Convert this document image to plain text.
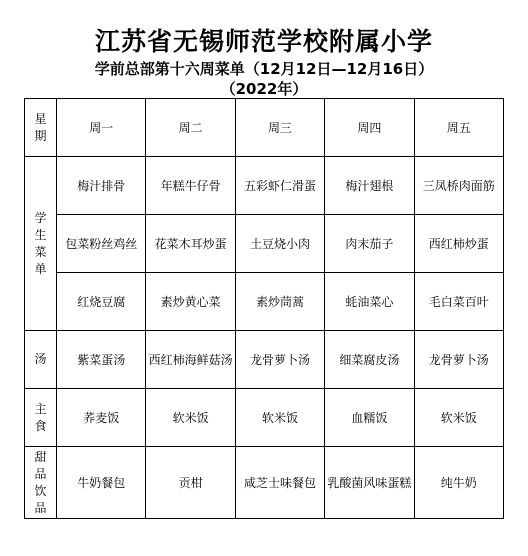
江苏省无锡师范学校附属小学
学前总部第十六周菜单（12月12日—12月16日）
（2022年）
星期	周一	周二	周三	周四	周五
学生菜单	梅汁排骨	年糕牛仔骨	五彩虾仁滑蛋	梅汁翅根	三凤桥肉面筋
	包菜粉丝鸡丝	花菜木耳炒蛋	土豆烧小肉	肉末茄子	西红柿炒蛋
	红烧豆腐	素炒黄心菜	素炒茼蒿	蚝油菜心	毛白菜百叶
汤	紫菜蛋汤	西红柿海鲜菇汤	龙骨萝卜汤	细菜腐皮汤	龙骨萝卜汤
主食	荞麦饭	软米饭	软米饭	血糯饭	软米饭
甜品饮品	牛奶餐包	贡柑	咸芝士味餐包	乳酸菌风味蛋糕	纯牛奶
